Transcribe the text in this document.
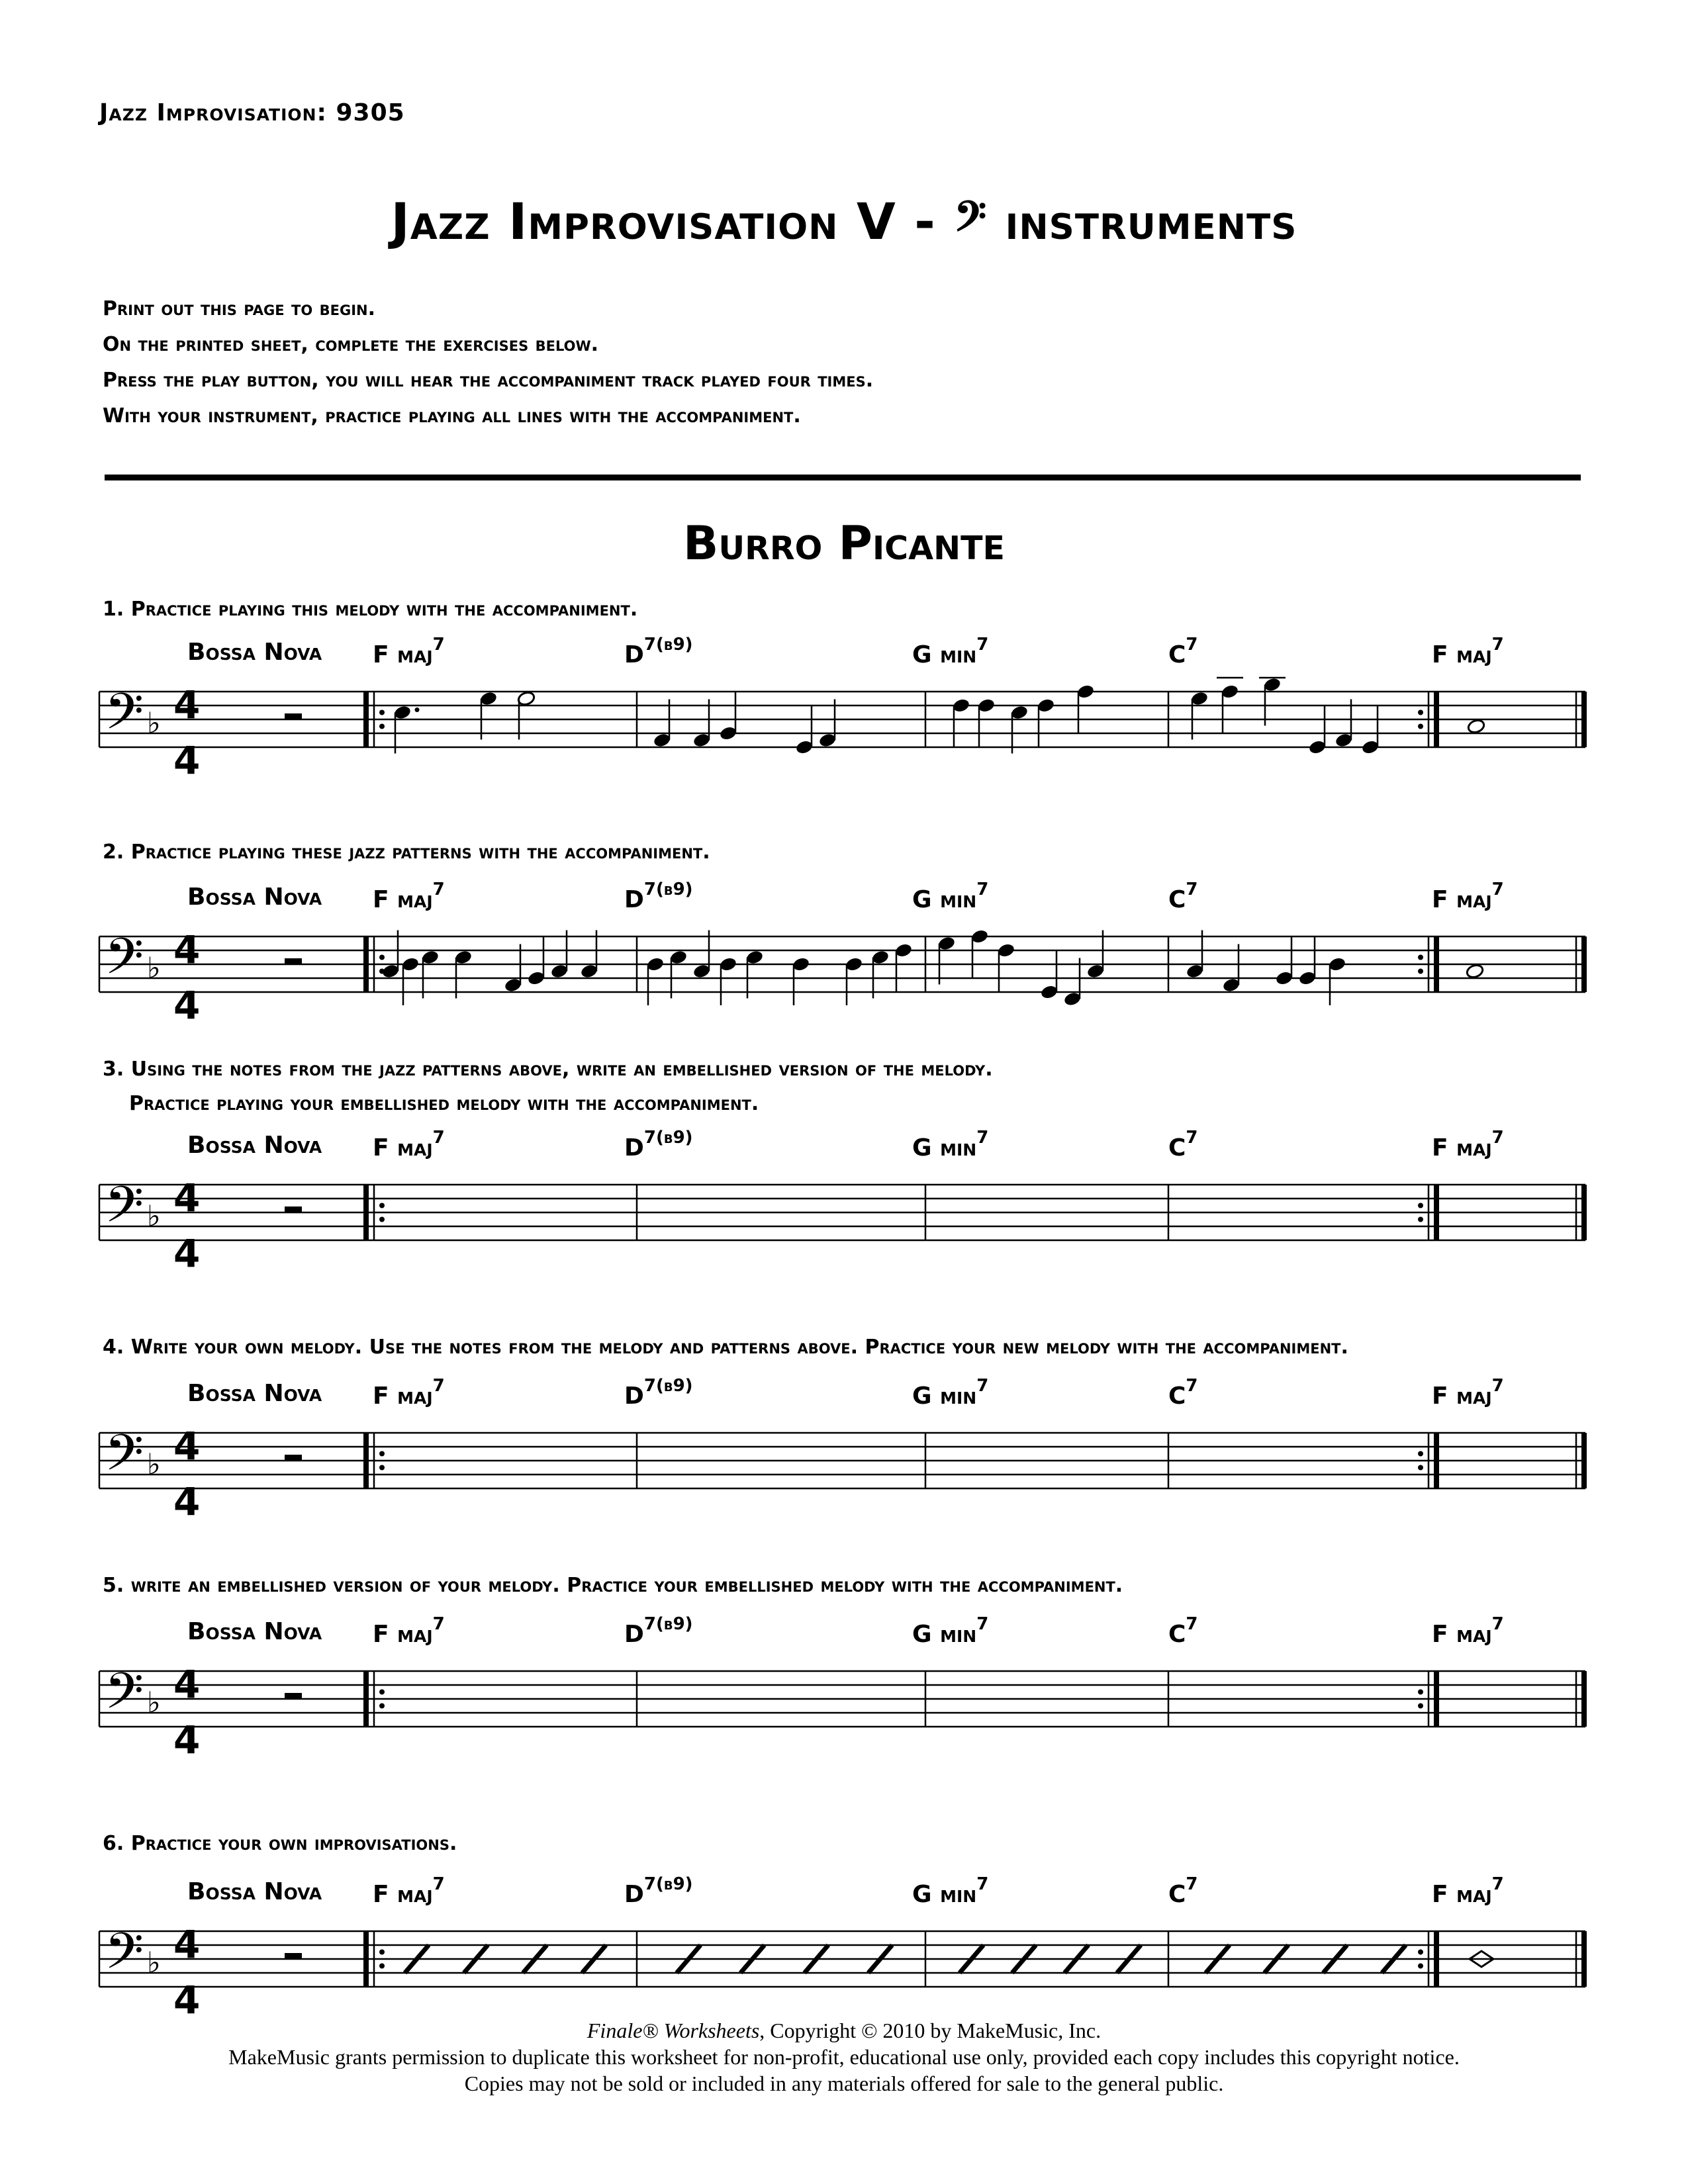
Jazz Improvisation: 9305
Jazz Improvisation V - 𝄢 instruments
Print out this page to begin.
On the printed sheet, complete the exercises below.
Press the play button, you will hear the accompaniment track played four times.
With your instrument, practice playing all lines with the accompaniment.
Burro Picante
1. Practice playing this melody with the accompaniment.
Bossa Nova F maj$^7$	$D^{7(b9)}$	G $\min^7$	$C^7$	F maj$^7$
𝄢 ♭ 4
4
2. Practice playing these jazz patterns with the accompaniment.
Bossa Nova F maj$^7$	$D^{7(b9)}$	G $\min^7$	$C^7$	F maj$^7$
𝄢 ♭ 4
4
3. Using the notes from the jazz patterns above, write an embellished version of the melody.
Practice playing your embellished melody with the accompaniment.
Bossa Nova F maj$^7$	$D^{7(b9)}$	G $\min^7$	$C^7$	F maj$^7$
𝄢 ♭ 4
4
4. Write your own melody. Use the notes from the melody and patterns above. Practice your new melody with the accompaniment.
Bossa Nova F maj$^7$	$D^{7(b9)}$	G $\min^7$	$C^7$	F maj$^7$
𝄢 ♭ 4
4
5. write an embellished version of your melody. Practice your embellished melody with the accompaniment.
Bossa Nova F maj$^7$	$D^{7(b9)}$	G $\min^7$	$C^7$	F maj$^7$
𝄢 ♭ 4
4
6. Practice your own improvisations.
Bossa Nova F maj$^7$	$D^{7(b9)}$	G $\min^7$	$C^7$	F maj$^7$
𝄢 ♭ 4
4
Finale® Worksheets, Copyright © 2010 by MakeMusic, Inc.
MakeMusic grants permission to duplicate this worksheet for non-profit, educational use only, provided each copy includes this copyright notice.
Copies may not be sold or included in any materials offered for sale to the general public.
